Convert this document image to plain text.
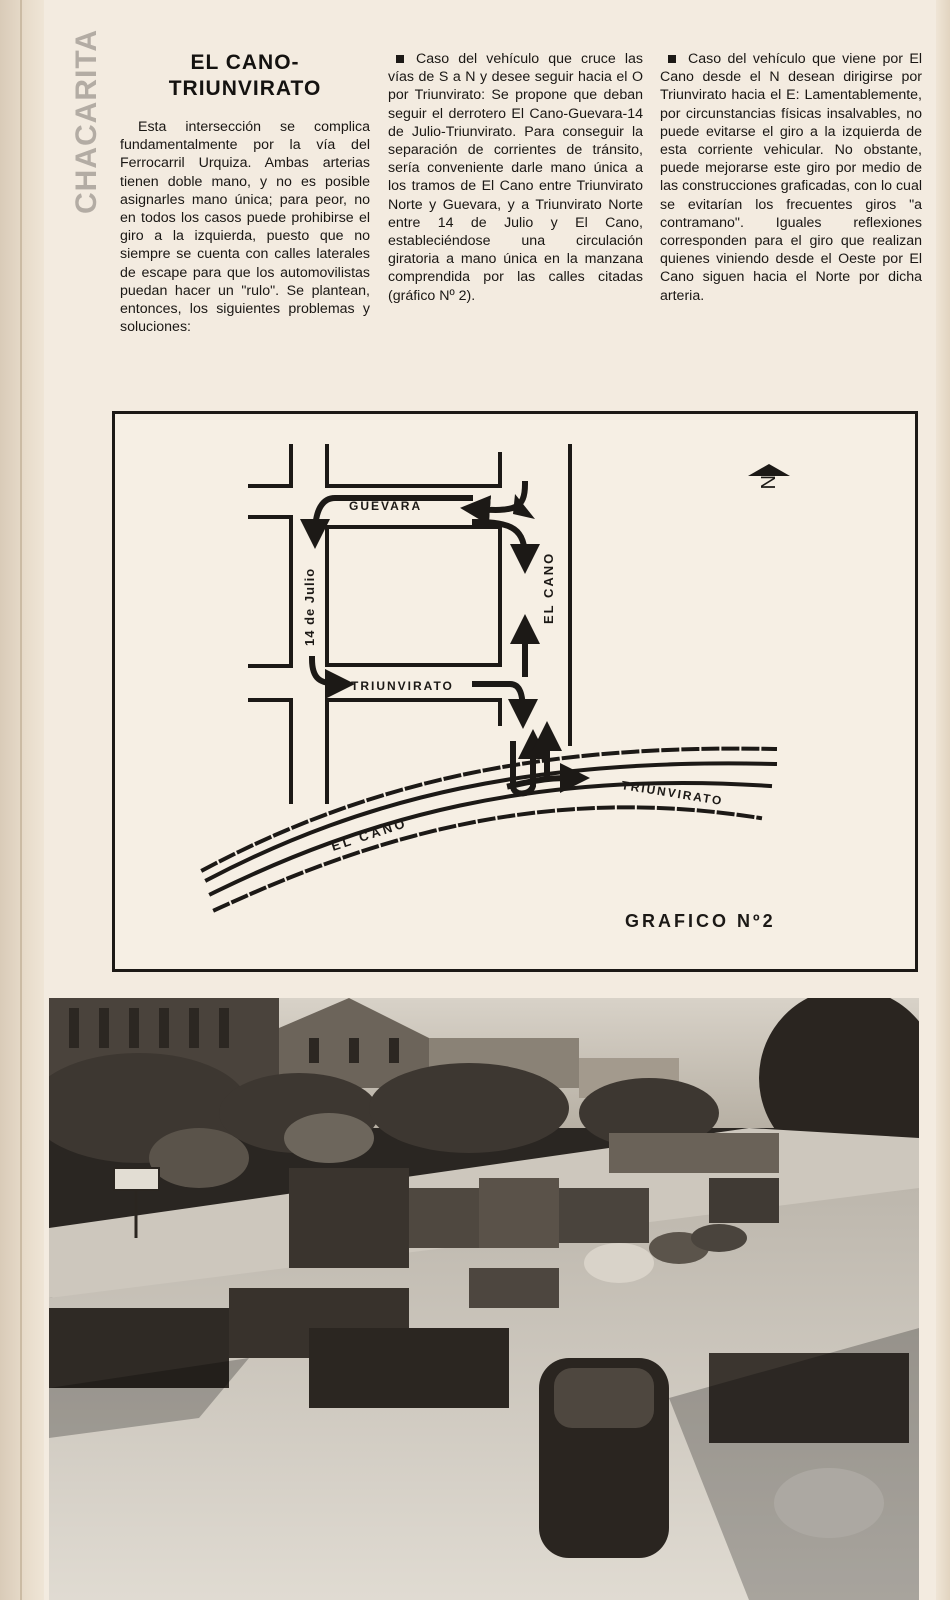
CHACARITA	EL CANO-TRIUNVIRATO

Esta intersección se complica fundamentalmente por la vía del Ferrocarril Urquiza. Ambas arterias tienen doble mano, y no es posible asignarles mano única; para peor, no en todos los casos puede prohibirse el giro a la izquierda, puesto que no siempre se cuenta con calles laterales de escape para que los automovilistas puedan hacer un "rulo". Se plantean, entonces, los siguientes problemas y soluciones:

Caso del vehículo que cruce las vías de S a N y desee seguir hacia el O por Triunvirato: Se propone que deban seguir el derrotero El Cano-Guevara-14 de Julio-Triunvirato. Para conseguir la separación de corrientes de tránsito, sería conveniente darle mano única a los tramos de El Cano entre Triunvirato Norte y Guevara, y a Triunvirato Norte entre 14 de Julio y El Cano, estableciéndose una circulación giratoria a mano única en la manzana comprendida por las calles citadas (gráfico Nº 2).

Caso del vehículo que viene por El Cano desde el N desean dirigirse por Triunvirato hacia el E: Lamentablemente, por circunstancias físicas insalvables, no puede evitarse el giro a la izquierda de esta corriente vehicular. No obstante, puede mejorarse este giro por medio de las construcciones graficadas, con lo cual se evitarían los frecuentes giros "a contramano". Iguales reflexiones corresponden para el giro que realizan quienes viniendo desde el Oeste por El Cano siguen hacia el Norte por dicha arteria.

GUEVARA
14 de Julio	EL CANO
TRIUNVIRATO
EL CANO
TRIUNVIRATO
N
GRAFICO Nº2
